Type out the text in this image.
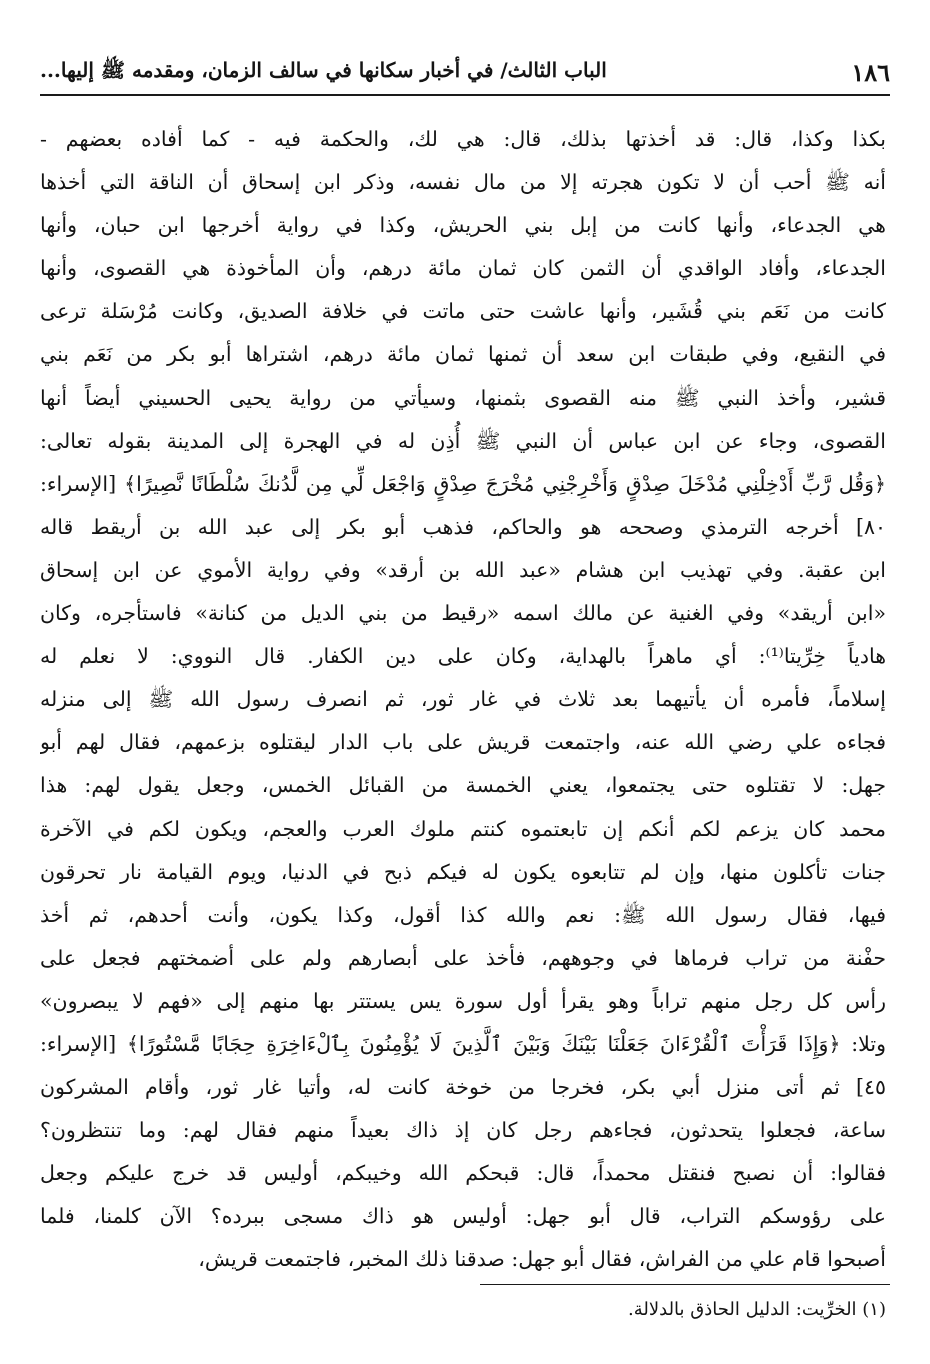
١٨٦
الباب الثالث/ في أخبار سكانها في سالف الزمان، ومقدمه ﷺ إليها...
بكذا وكذا، قال: قد أخذتها بذلك، قال: هي لك، والحكمة فيه - كما أفاده بعضهم -
أنه ﷺ أحب أن لا تكون هجرته إلا من مال نفسه، وذكر ابن إسحاق أن الناقة التي أخذها
هي الجدعاء، وأنها كانت من إبل بني الحريش، وكذا في رواية أخرجها ابن حبان، وأنها
الجدعاء، وأفاد الواقدي أن الثمن كان ثمان مائة درهم، وأن المأخوذة هي القصوى، وأنها
كانت من نَعَم بني قُشَير، وأنها عاشت حتى ماتت في خلافة الصديق، وكانت مُرْسَلة ترعى
في النقيع، وفي طبقات ابن سعد أن ثمنها ثمان مائة درهم، اشتراها أبو بكر من نَعَم بني
قشير، وأخذ النبي ﷺ منه القصوى بثمنها، وسيأتي من رواية يحيى الحسيني أيضاً أنها
القصوى، وجاء عن ابن عباس أن النبي ﷺ أُذِن له في الهجرة إلى المدينة بقوله تعالى:
﴿وَقُل رَّبِّ أَدْخِلْنِي مُدْخَلَ صِدْقٍ وَأَخْرِجْنِي مُخْرَجَ صِدْقٍ وَاجْعَل لِّي مِن لَّدُنكَ سُلْطَانًا نَّصِيرًا﴾ [الإسراء:
٨٠] أخرجه الترمذي وصححه هو والحاكم، فذهب أبو بكر إلى عبد الله بن أريقط قاله
ابن عقبة. وفي تهذيب ابن هشام «عبد الله بن أرقد» وفي رواية الأموي عن ابن إسحاق
«ابن أريقد» وفي الغنية عن مالك اسمه «رقيط من بني الديل من كنانة» فاستأجره، وكان
هادياً خِرِّيتا⁽¹⁾: أي ماهراً بالهداية، وكان على دين الكفار. قال النووي: لا نعلم له
إسلاماً، فأمره أن يأتيهما بعد ثلاث في غار ثور، ثم انصرف رسول الله ﷺ إلى منزله
فجاءه علي رضي الله عنه، واجتمعت قريش على باب الدار ليقتلوه بزعمهم، فقال لهم أبو
جهل: لا تقتلوه حتى يجتمعوا، يعني الخمسة من القبائل الخمس، وجعل يقول لهم: هذا
محمد كان يزعم لكم أنكم إن تابعتموه كنتم ملوك العرب والعجم، ويكون لكم في الآخرة
جنات تأكلون منها، وإن لم تتابعوه يكون له فيكم ذبح في الدنيا، ويوم القيامة نار تحرقون
فيها، فقال رسول الله ﷺ: نعم والله كذا أقول، وكذا يكون، وأنت أحدهم، ثم أخذ
حفْنة من تراب فرماها في وجوههم، فأخذ على أبصارهم ولم على أضمختهم فجعل على
رأس كل رجل منهم تراباً وهو يقرأ أول سورة يس يستتر بها منهم إلى «فهم لا يبصرون»
وتلا: ﴿وَإِذَا قَرَأْتَ ٱلْقُرْءَانَ جَعَلْنَا بَيْنَكَ وَبَيْنَ ٱلَّذِينَ لَا يُؤْمِنُونَ بِٱلْءَاخِرَةِ حِجَابًا مَّسْتُورًا﴾ [الإسراء:
٤٥] ثم أتى منزل أبي بكر، فخرجا من خوخة كانت له، وأتيا غار ثور، وأقام المشركون
ساعة، فجعلوا يتحدثون، فجاءهم رجل كان إذ ذاك بعيداً منهم فقال لهم: وما تنتظرون؟
فقالوا: أن نصبح فنقتل محمداً، قال: قبحكم الله وخيبكم، أوليس قد خرج عليكم وجعل
على رؤوسكم التراب، قال أبو جهل: أوليس هو ذاك مسجى ببرده؟ الآن كلمنا، فلما
أصبحوا قام علي من الفراش، فقال أبو جهل: صدقنا ذلك المخبر، فاجتمعت قريش،
(١) الخرِّيت: الدليل الحاذق بالدلالة.
